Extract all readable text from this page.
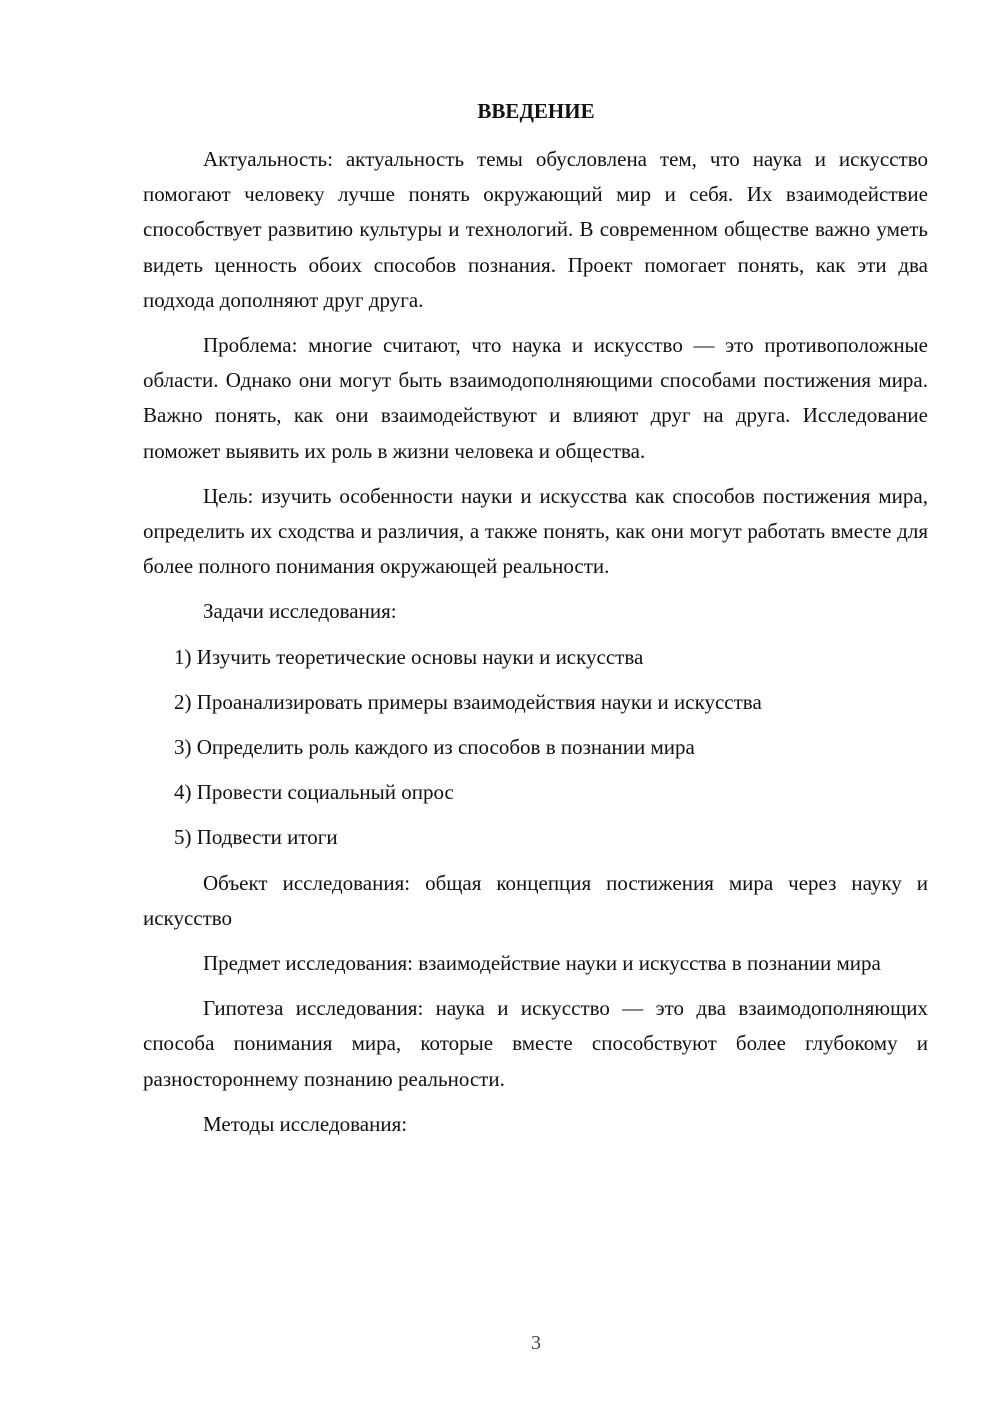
ВВЕДЕНИЕ

Актуальность: актуальность темы обусловлена тем, что наука и искусство помогают человеку лучше понять окружающий мир и себя. Их взаимодействие способствует развитию культуры и технологий. В современном обществе важно уметь видеть ценность обоих способов познания. Проект помогает понять, как эти два подхода дополняют друг друга.

Проблема: многие считают, что наука и искусство — это противоположные области. Однако они могут быть взаимодополняющими способами постижения мира. Важно понять, как они взаимодействуют и влияют друг на друга. Исследование поможет выявить их роль в жизни человека и общества.

Цель: изучить особенности науки и искусства как способов постижения мира, определить их сходства и различия, а также понять, как они могут работать вместе для более полного понимания окружающей реальности.

Задачи исследования:

1) Изучить теоретические основы науки и искусства
2) Проанализировать примеры взаимодействия науки и искусства
3) Определить роль каждого из способов в познании мира
4) Провести социальный опрос
5) Подвести итоги

Объект исследования: общая концепция постижения мира через науку и искусство

Предмет исследования: взаимодействие науки и искусства в познании мира

Гипотеза исследования: наука и искусство — это два взаимодополняющих способа понимания мира, которые вместе способствуют более глубокому и разностороннему познанию реальности.

Методы исследования:

3
